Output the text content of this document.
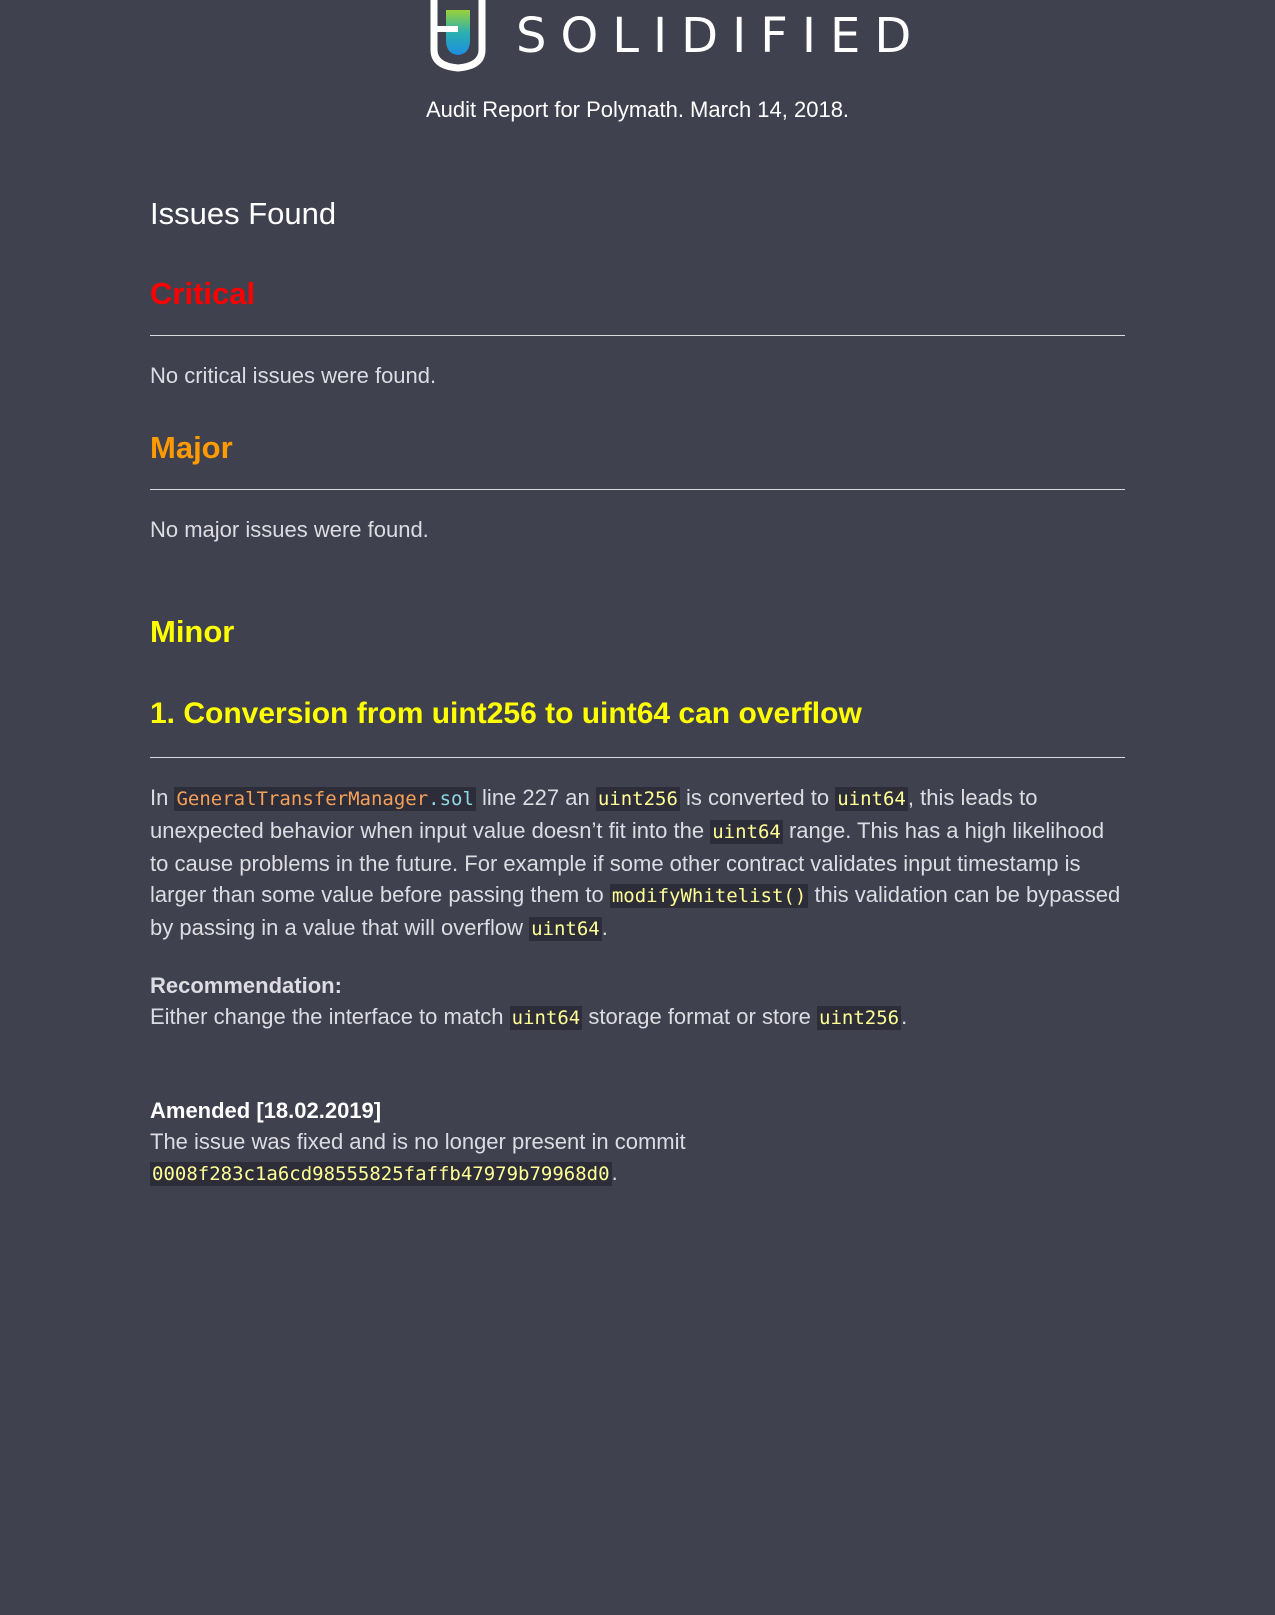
SOLIDIFIED
Audit Report for Polymath. March 14, 2018.
Issues Found
Critical
No critical issues were found.
Major
No major issues were found.
Minor
1. Conversion from uint256 to uint64 can overflow
In GeneralTransferManager.sol line 227 an uint256 is converted to uint64, this leads to unexpected behavior when input value doesn’t fit into the uint64 range. This has a high likelihood to cause problems in the future. For example if some other contract validates input timestamp is larger than some value before passing them to modifyWhitelist() this validation can be bypassed by passing in a value that will overflow uint64.
Recommendation:
Either change the interface to match uint64 storage format or store uint256.
Amended [18.02.2019]
The issue was fixed and is no longer present in commit
0008f283c1a6cd98555825faffb47979b79968d0.
